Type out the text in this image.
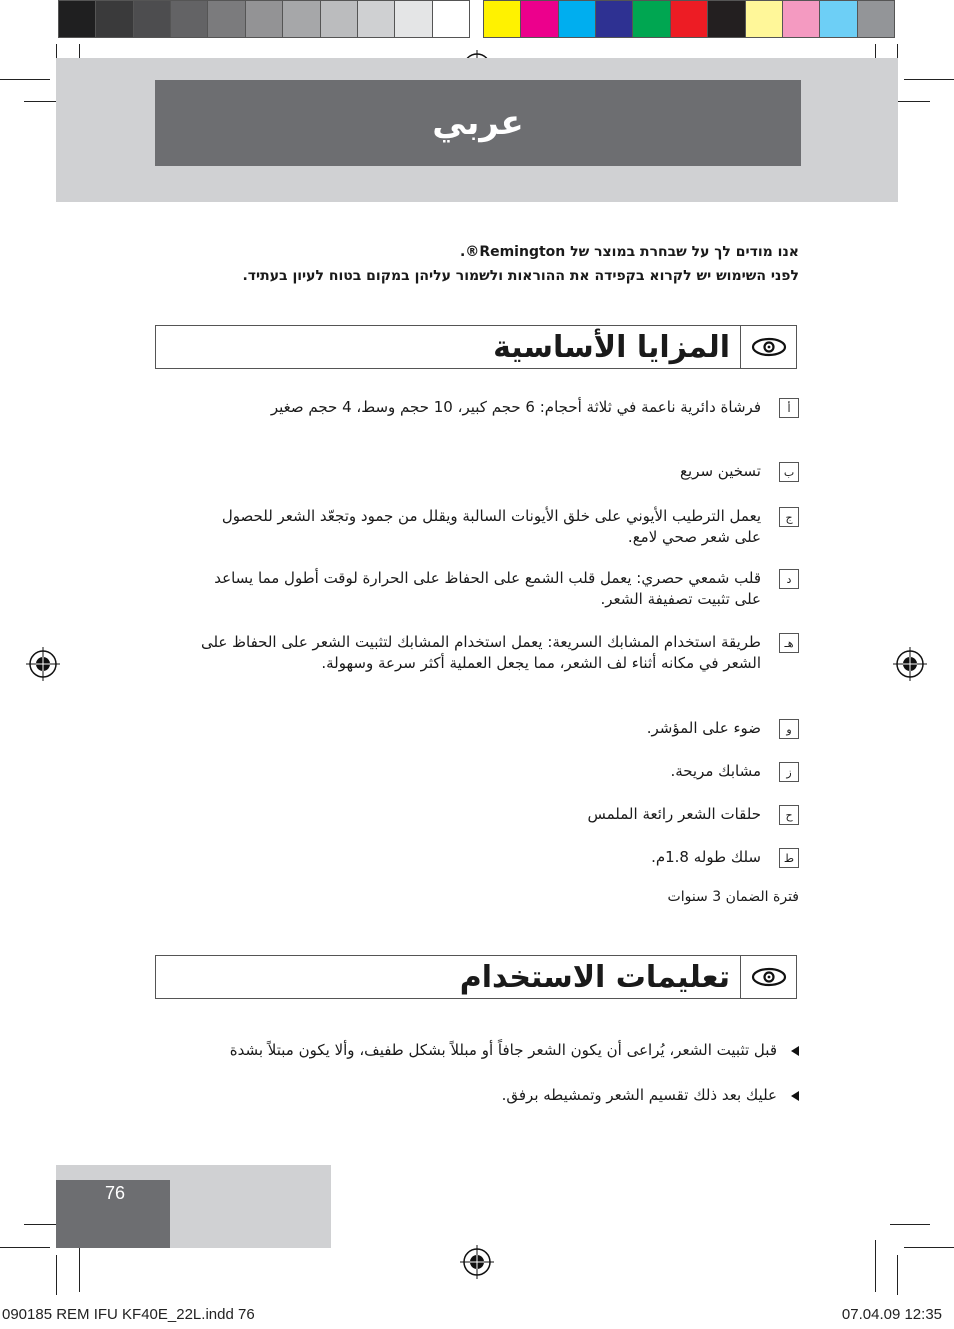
عربي
אנו מודים לך על שבחרת במוצר של Remington®.
לפני השימוש יש לקרוא בקפידה את ההוראות ולשמור עליהן במקום בטוח לעיון בעתיד.
المزايا الأساسية
أ
فرشاة دائرية ناعمة في ثلاثة أحجام: 6 حجم كبير، 10 حجم وسط، 4 حجم صغير
ب
تسخين سريع
ج
يعمل الترطيب الأيوني على خلق الأيونات السالبة ويقلل من جمود وتجعّد الشعر للحصول على شعر صحي لامع.
د
قلب شمعي حصري: يعمل قلب الشمع على الحفاظ على الحرارة لوقت أطول مما يساعد على تثبيت تصفيفة الشعر.
هـ
طريقة استخدام المشابك السريعة: يعمل استخدام المشابك لتثبيت الشعر على الحفاظ على الشعر في مكانه أثناء لف الشعر، مما يجعل العملية أكثر سرعة وسهولة.
و
ضوء على المؤشر.
ز
مشابك مريحة.
ح
حلقات الشعر رائعة الملمس
ط
سلك طوله 1.8م.
فترة الضمان 3 سنوات
تعليمات الاستخدام
قبل تثبيت الشعر، يُراعى أن يكون الشعر جافاً أو مبللاً بشكل طفيف، وألا يكون مبتلاً بشدة
عليك بعد ذلك تقسيم الشعر وتمشيطه برفق.
76
090185 REM IFU KF40E_22L.indd 76	07.04.09 12:35
